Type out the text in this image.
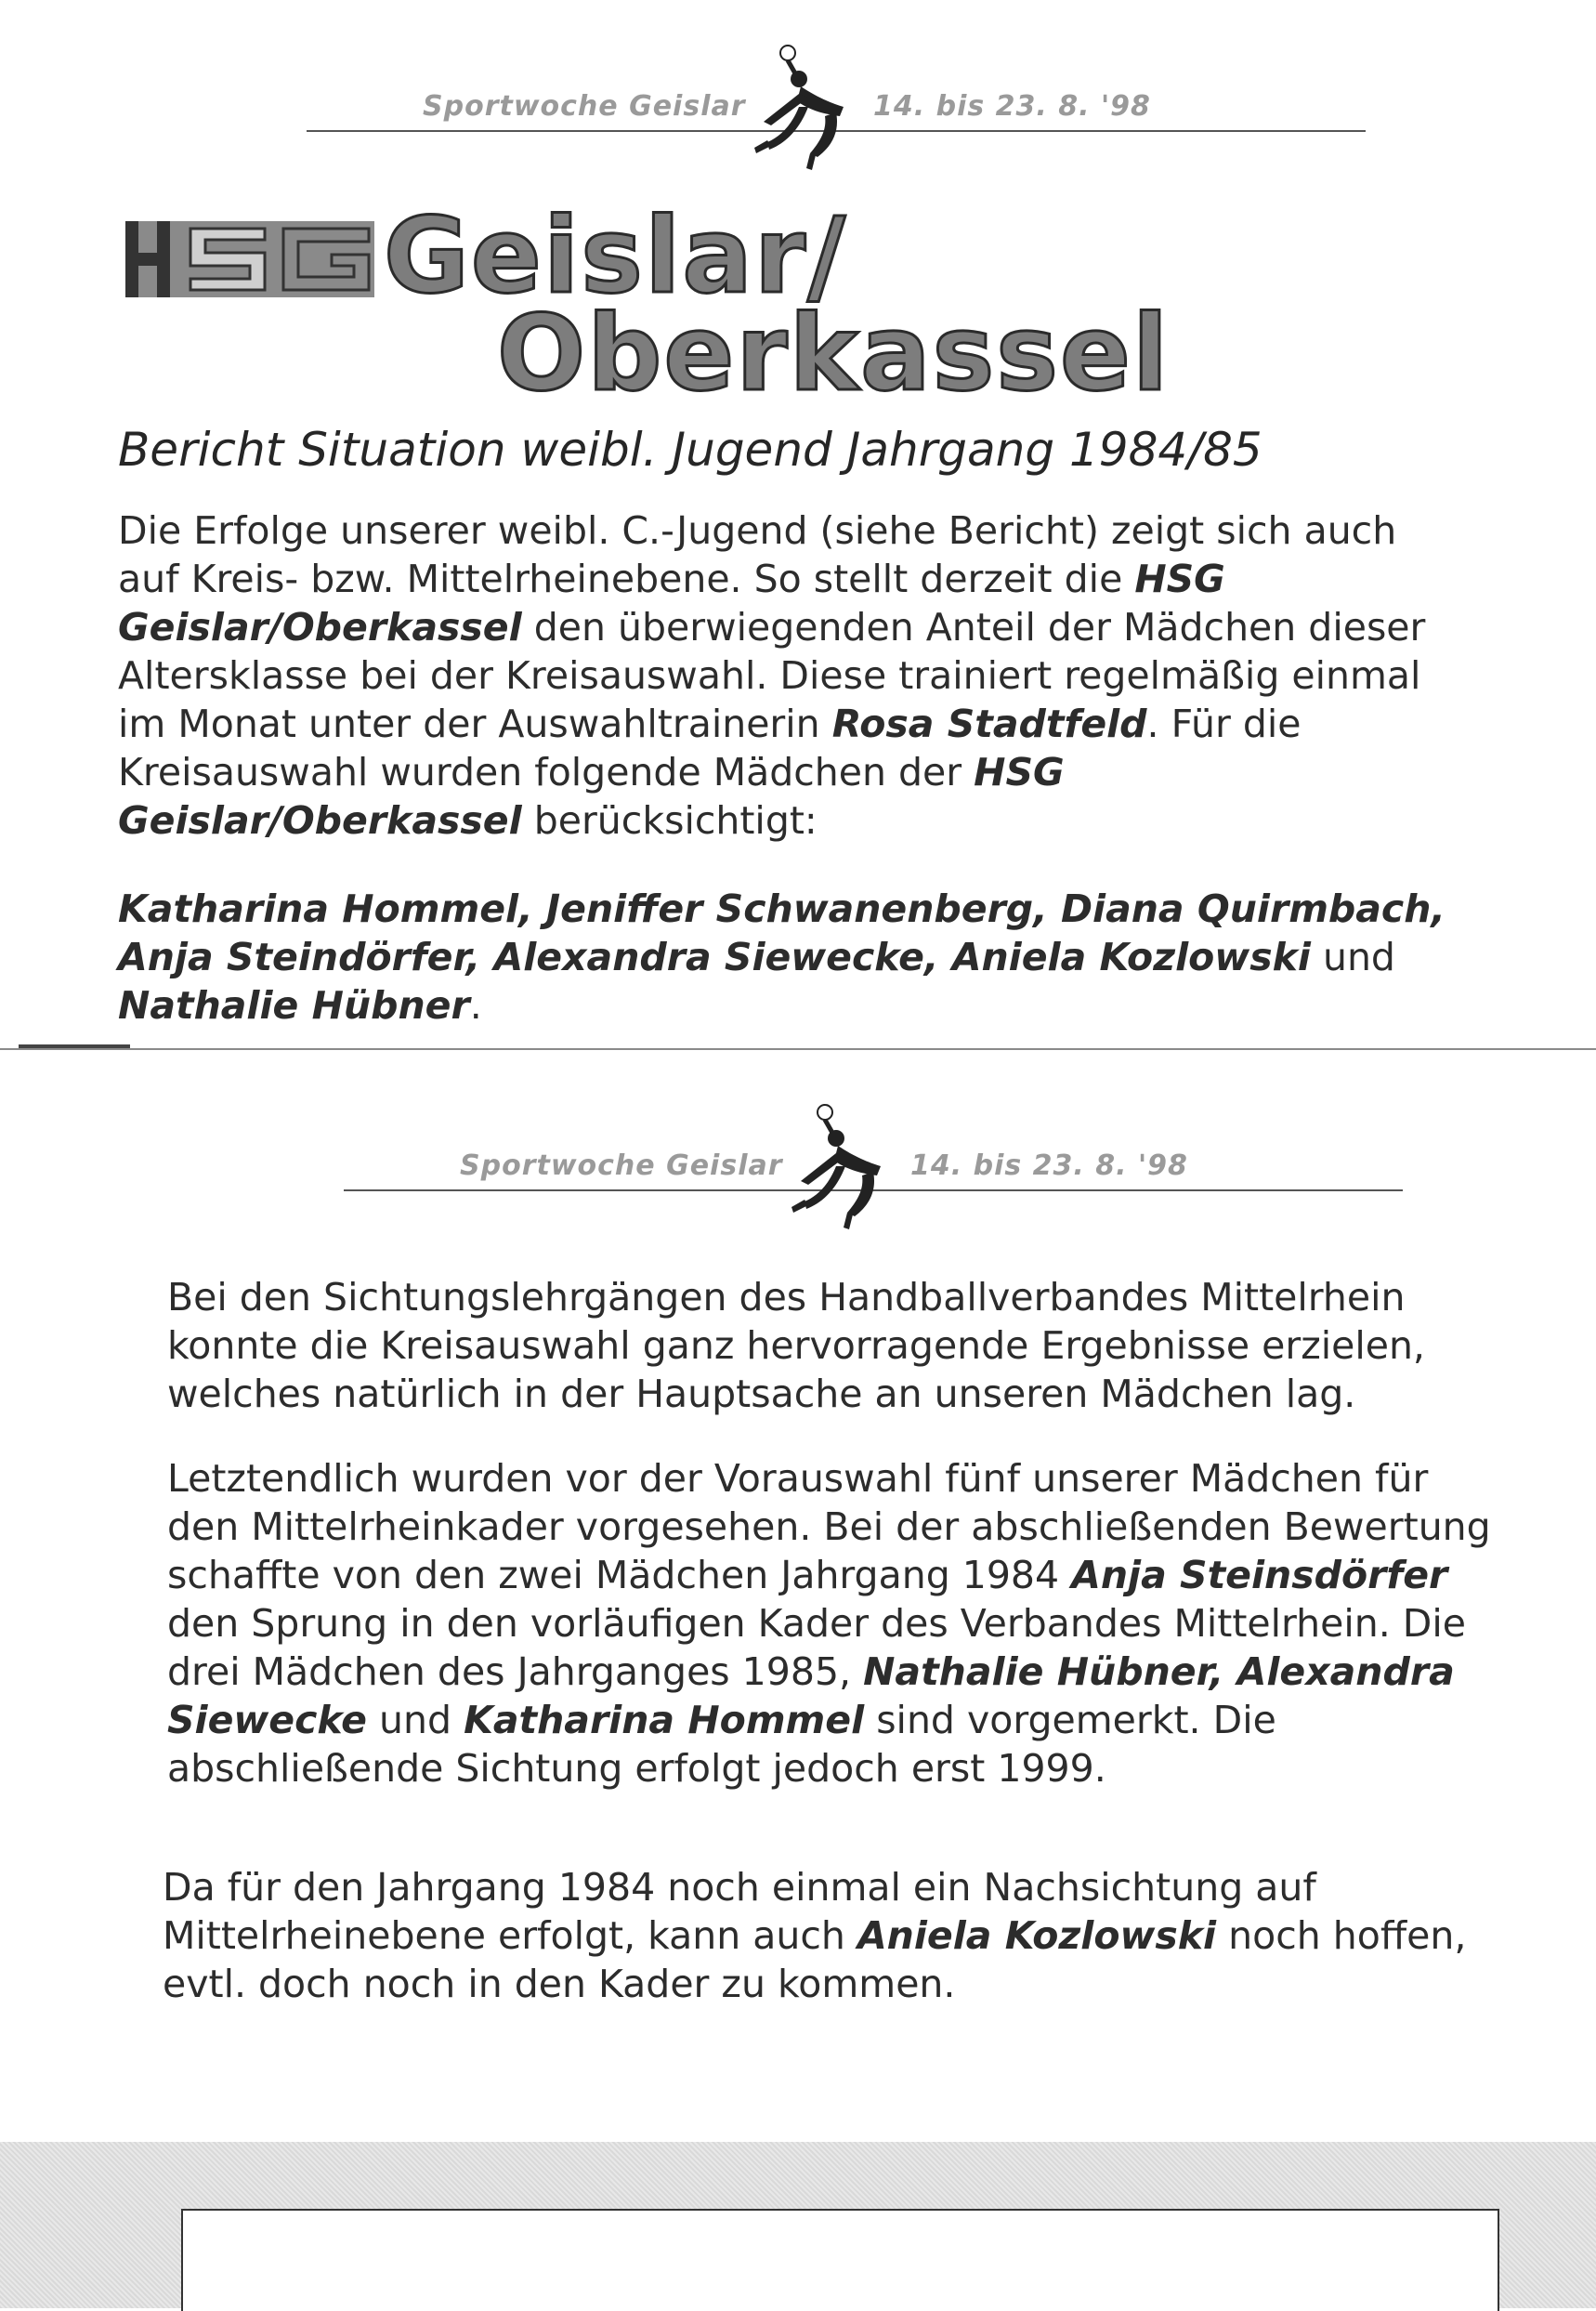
Sportwoche Geislar	14. bis 23. 8. '98
Geislar/
Oberkassel
Bericht Situation weibl. Jugend Jahrgang 1984/85

Die Erfolge unserer weibl. C.-Jugend (siehe Bericht) zeigt sich auch auf Kreis- bzw. Mittelrheinebene. So stellt derzeit die HSG Geislar/Oberkassel den überwiegenden Anteil der Mädchen dieser Altersklasse bei der Kreisauswahl. Diese trainiert regelmäßig einmal im Monat unter der Auswahltrainerin Rosa Stadtfeld. Für die Kreisauswahl wurden folgende Mädchen der HSG Geislar/Oberkassel berücksichtigt:

Katharina Hommel, Jeniffer Schwanenberg, Diana Quirmbach, Anja Steindörfer, Alexandra Siewecke, Aniela Kozlowski und Nathalie Hübner.

Sportwoche Geislar	14. bis 23. 8. '98

Bei den Sichtungslehrgängen des Handballverbandes Mittelrhein konnte die Kreisauswahl ganz hervorragende Ergebnisse erzielen, welches natürlich in der Hauptsache an unseren Mädchen lag.

Letztendlich wurden vor der Vorauswahl fünf unserer Mädchen für den Mittelrheinkader vorgesehen. Bei der abschließenden Bewertung schaffte von den zwei Mädchen Jahrgang 1984 Anja Steinsdörfer den Sprung in den vorläufigen Kader des Verbandes Mittelrhein. Die drei Mädchen des Jahrganges 1985, Nathalie Hübner, Alexandra Siewecke und Katharina Hommel sind vorgemerkt. Die abschließende Sichtung erfolgt jedoch erst 1999.

Da für den Jahrgang 1984 noch einmal ein Nachsichtung auf Mittelrheinebene erfolgt, kann auch Aniela Kozlowski noch hoffen, evtl. doch noch in den Kader zu kommen.
